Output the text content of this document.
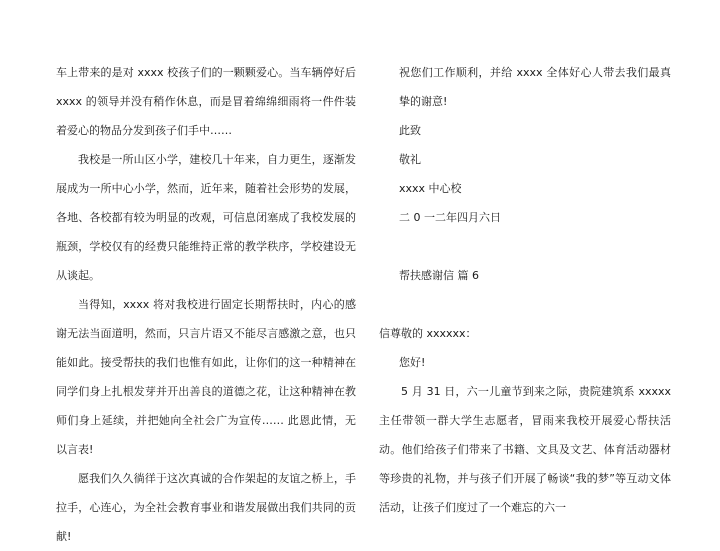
车上带来的是对 xxxx 校孩子们的一颗颗爱心。当车辆停好后 xxxx 的领导并没有稍作休息，而是冒着绵绵细雨将一件件装着爱心的物品分发到孩子们手中……

我校是一所山区小学，建校几十年来，自力更生，逐渐发展成为一所中心小学，然而，近年来，随着社会形势的发展，各地、各校都有较为明显的改观，可信息闭塞成了我校发展的瓶颈，学校仅有的经费只能维持正常的教学秩序，学校建设无从谈起。

当得知，xxxx 将对我校进行固定长期帮扶时，内心的感谢无法当面道明，然而，只言片语又不能尽言感激之意，也只能如此。接受帮扶的我们也惟有如此，让你们的这一种精神在同学们身上扎根发芽并开出善良的道德之花，让这种精神在教师们身上延续，并把她向全社会广为宣传…… 此恩此情，无以言表!

愿我们久久徜徉于这次真诚的合作架起的友谊之桥上，手拉手，心连心，为全社会教育事业和谐发展做出我们共同的贡献!

祝您们工作顺利，并给 xxxx 全体好心人带去我们最真挚的谢意!

此致

敬礼

xxxx 中心校

二 0 一二年四月六日

帮扶感谢信 篇 6

信尊敬的 xxxxxx：

您好!

5 月 31 日，六一儿童节到来之际，贵院建筑系 xxxxx 主任带领一群大学生志愿者，冒雨来我校开展爱心帮扶活动。他们给孩子们带来了书籍、文具及文艺、体育活动器材等珍贵的礼物，并与孩子们开展了畅谈“我的梦”等互动文体活动，让孩子们度过了一个难忘的六一
